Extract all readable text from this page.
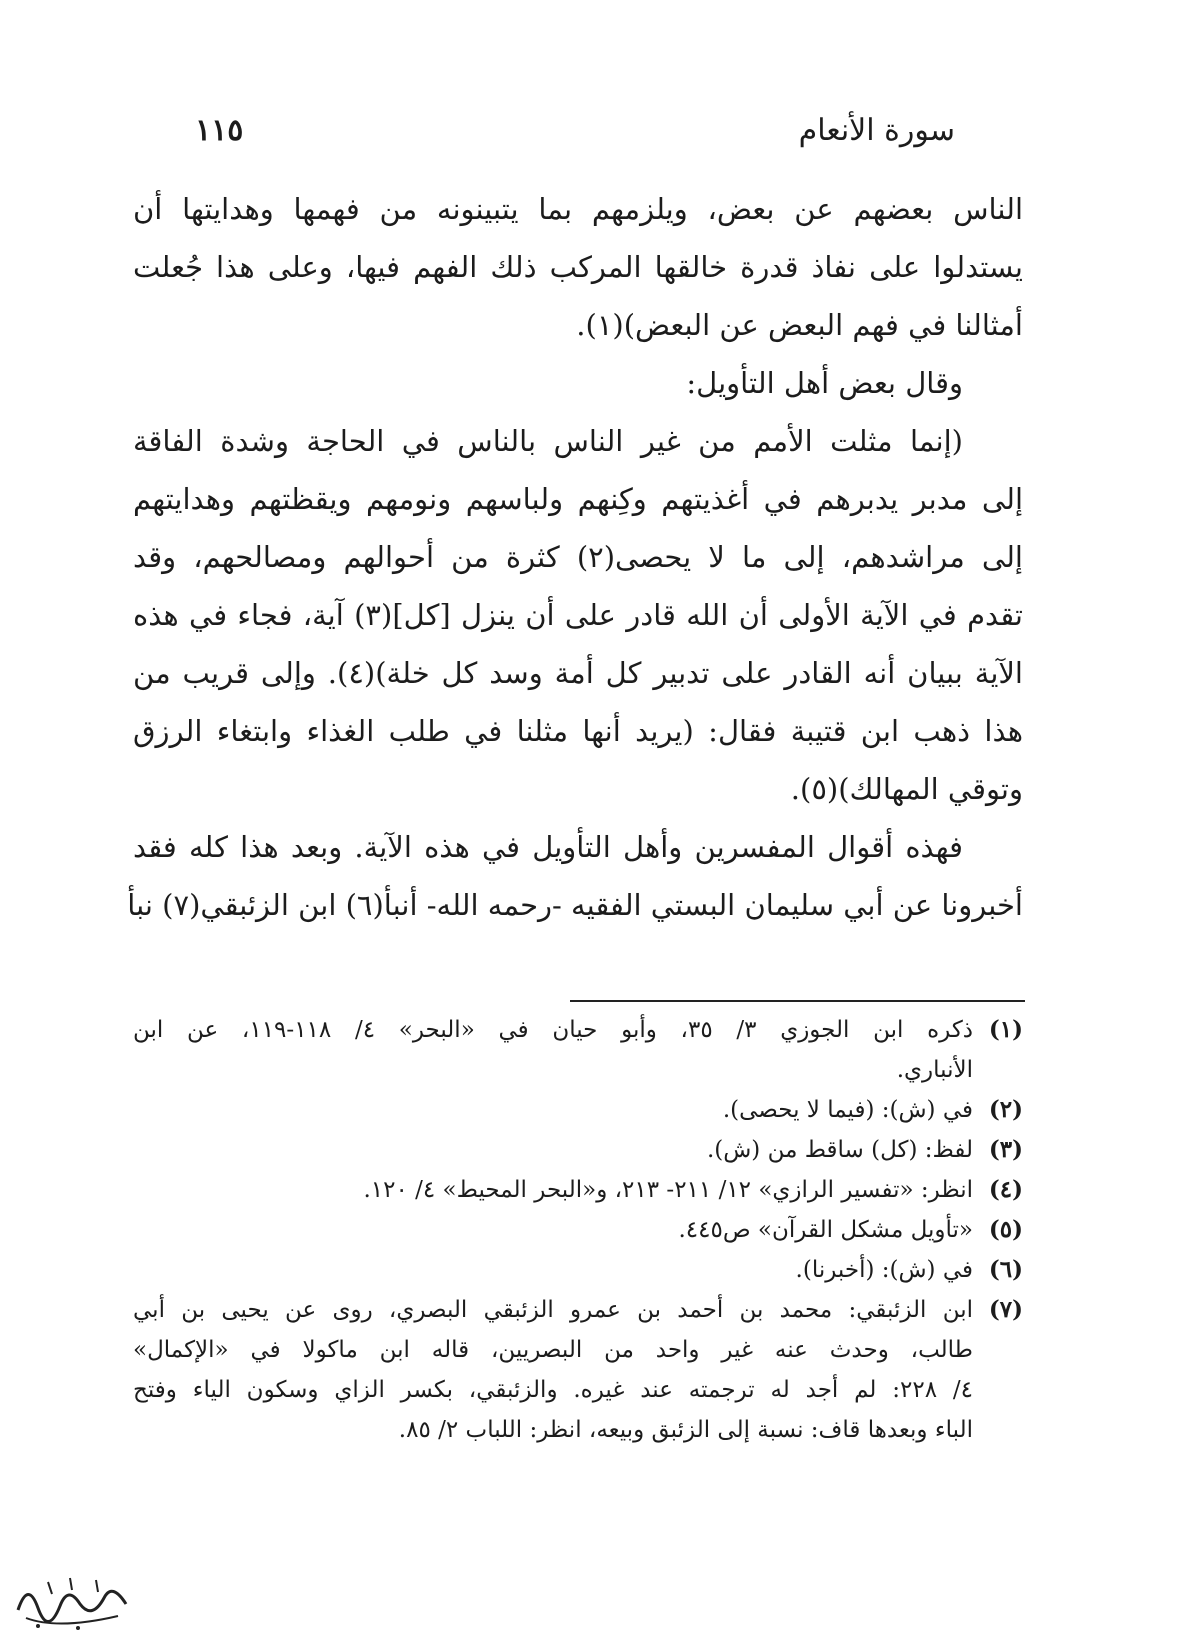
سورة الأنعام
١١٥
الناس بعضهم عن بعض، ويلزمهم بما يتبينونه من فهمها وهدايتها أن
يستدلوا على نفاذ قدرة خالقها المركب ذلك الفهم فيها، وعلى هذا جُعلت
أمثالنا في فهم البعض عن البعض)(١).
وقال بعض أهل التأويل:
(إنما مثلت الأمم من غير الناس بالناس في الحاجة وشدة الفاقة
إلى مدبر يدبرهم في أغذيتهم وكِنهم ولباسهم ونومهم ويقظتهم وهدايتهم
إلى مراشدهم، إلى ما لا يحصى(٢) كثرة من أحوالهم ومصالحهم، وقد
تقدم في الآية الأولى أن الله قادر على أن ينزل [كل](٣) آية، فجاء في هذه
الآية ببيان أنه القادر على تدبير كل أمة وسد كل خلة)(٤). وإلى قريب من
هذا ذهب ابن قتيبة فقال: (يريد أنها مثلنا في طلب الغذاء وابتغاء الرزق
وتوقي المهالك)(٥).
فهذه أقوال المفسرين وأهل التأويل في هذه الآية. وبعد هذا كله فقد
أخبرونا عن أبي سليمان البستي الفقيه -رحمه الله- أنبأ(٦) ابن الزئبقي(٧) نبأ
(١)
ذكره ابن الجوزي ٣/ ٣٥، وأبو حيان في «البحر» ٤/ ١١٨-١١٩، عن ابن
الأنباري.
(٢)
في (ش): (فيما لا يحصى).
(٣)
لفظ: (كل) ساقط من (ش).
(٤)
انظر: «تفسير الرازي» ١٢/ ٢١١- ٢١٣، و«البحر المحيط» ٤/ ١٢٠.
(٥)
«تأويل مشكل القرآن» ص٤٤٥.
(٦)
في (ش): (أخبرنا).
(٧)
ابن الزئبقي: محمد بن أحمد بن عمرو الزئبقي البصري، روى عن يحيى بن أبي
طالب، وحدث عنه غير واحد من البصريين، قاله ابن ماكولا في «الإكمال»
٤/ ٢٢٨: لم أجد له ترجمته عند غيره. والزئبقي، بكسر الزاي وسكون الياء وفتح
الباء وبعدها قاف: نسبة إلى الزئبق وبيعه، انظر: اللباب ٢/ ٨٥.
